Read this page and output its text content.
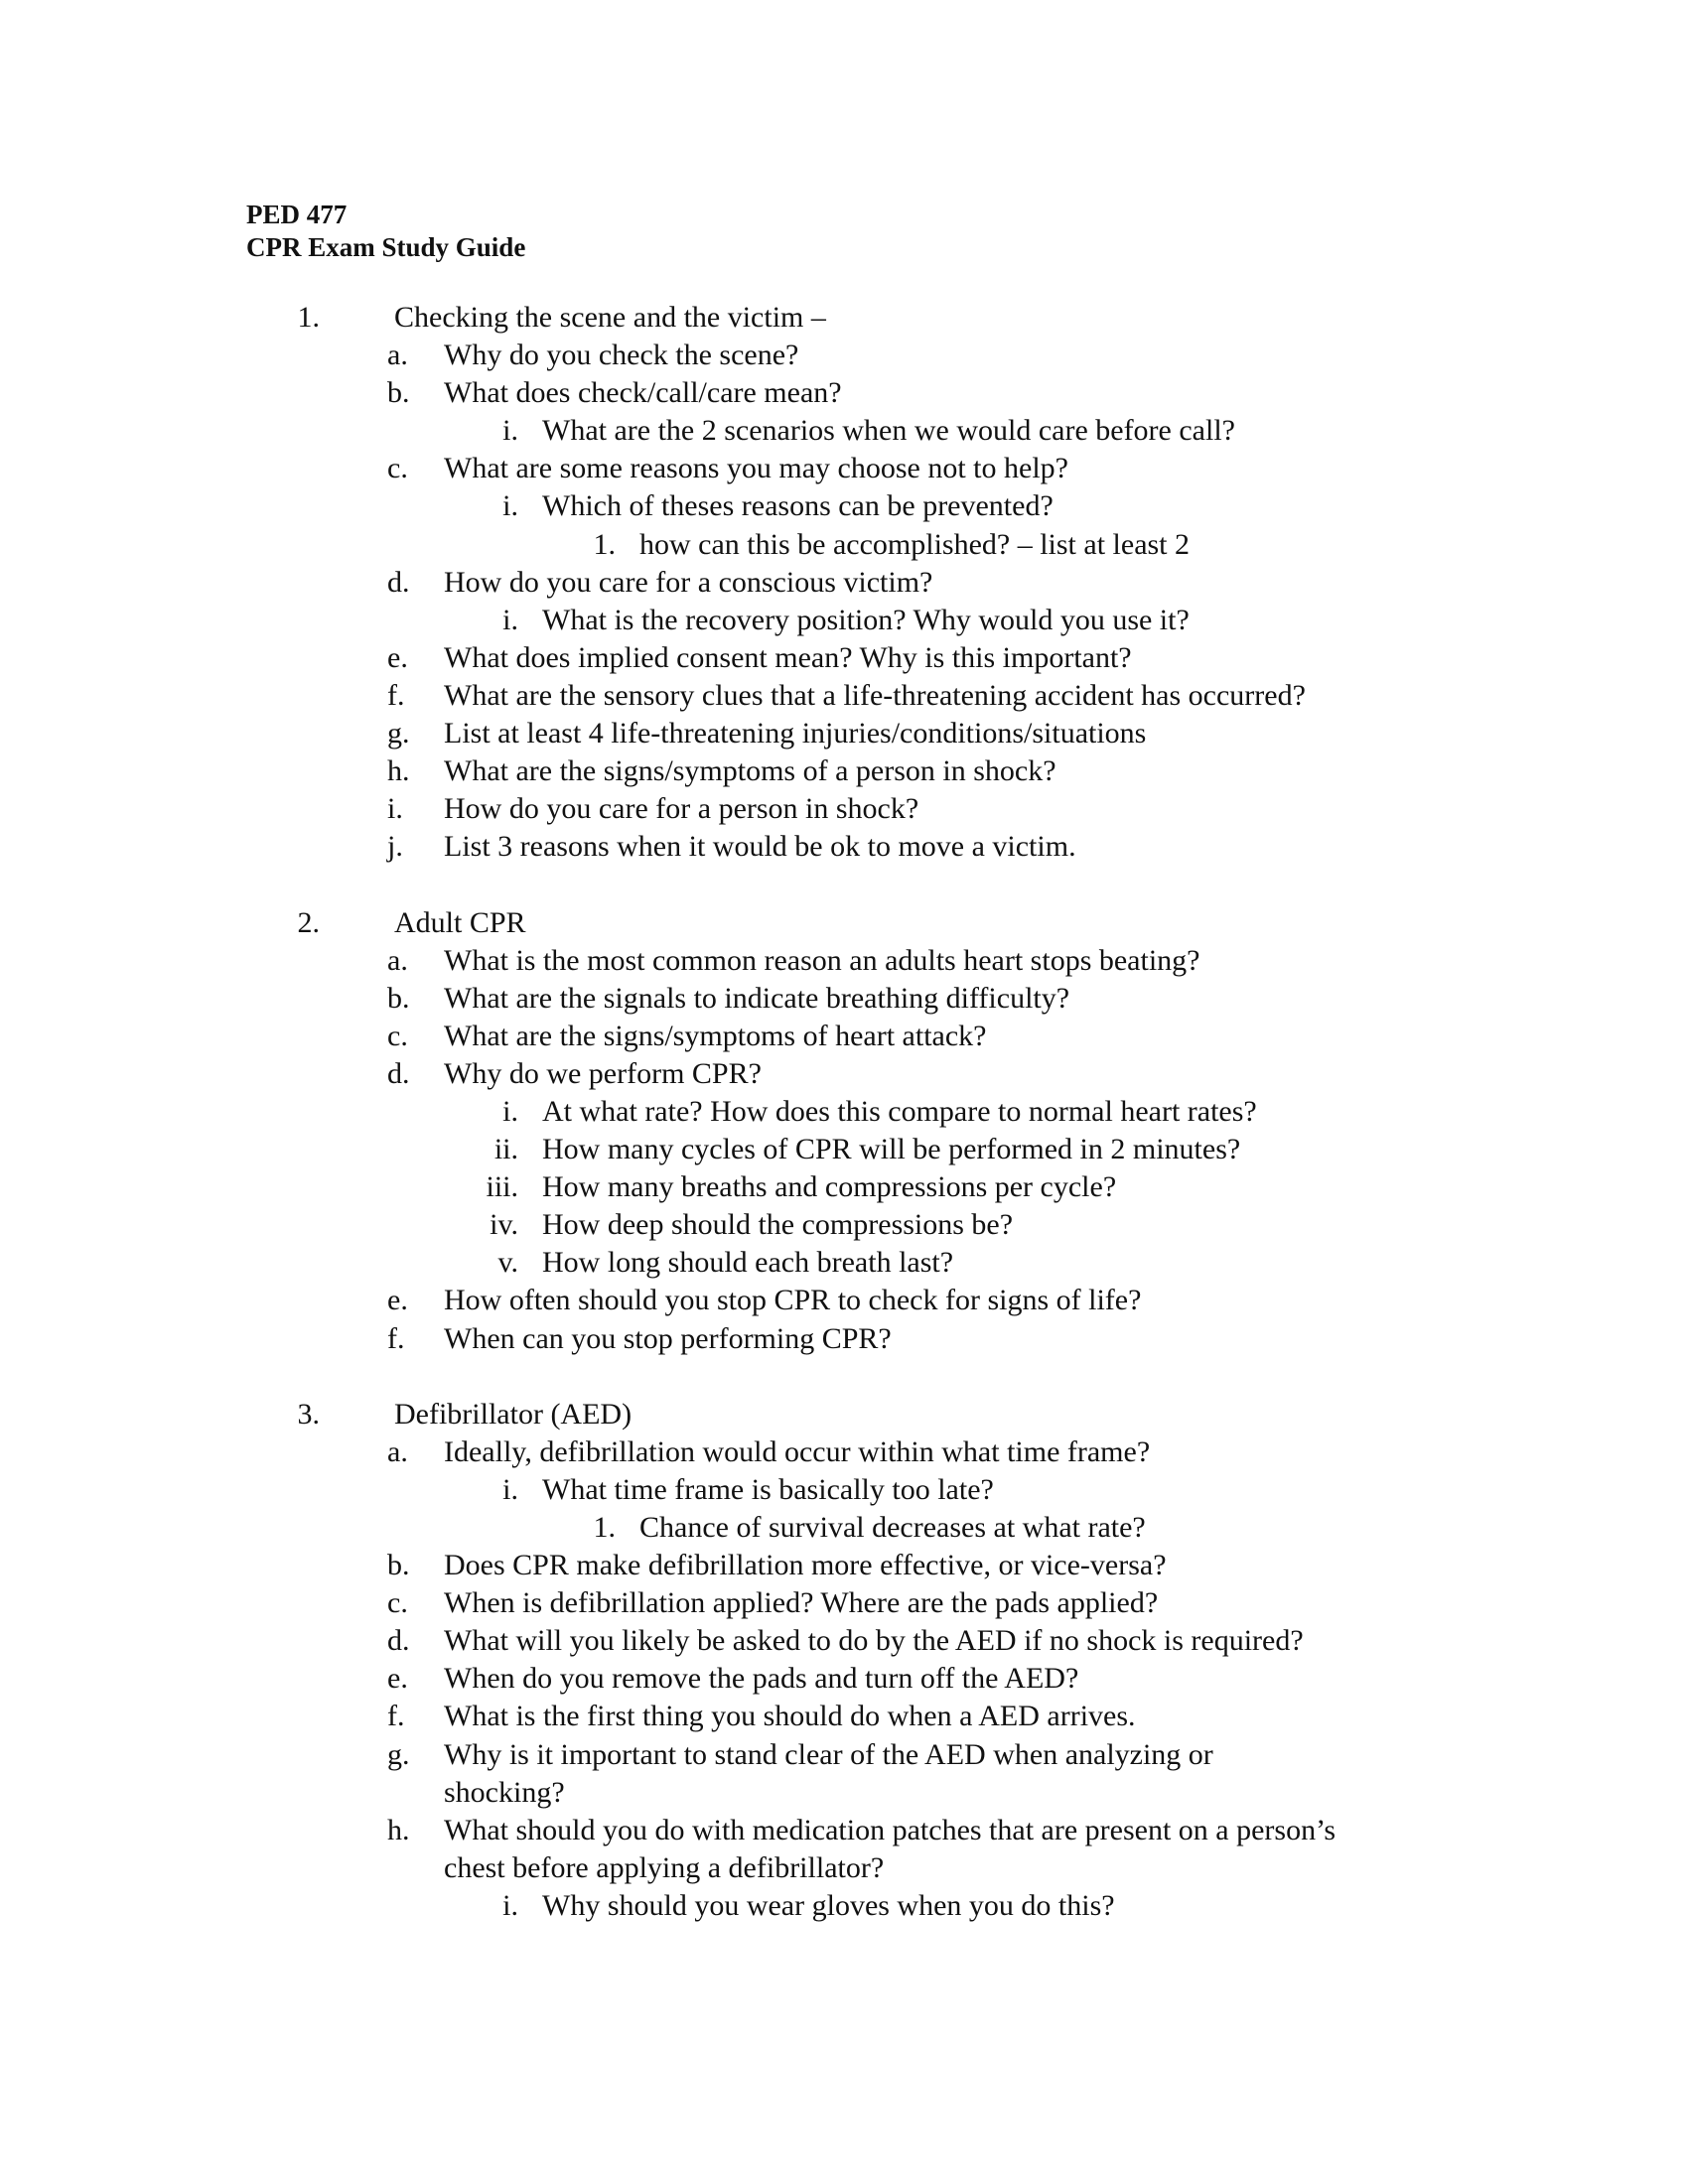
PED 477
CPR Exam Study Guide
1.	Checking the scene and the victim –
a.	Why do you check the scene?
b.	What does check/call/care mean?
i. What are the 2 scenarios when we would care before call?
c.	What are some reasons you may choose not to help?
i. Which of theses reasons can be prevented?
1. how can this be accomplished? – list at least 2
d.	How do you care for a conscious victim?
i. What is the recovery position? Why would you use it?
e.	What does implied consent mean? Why is this important?
f.	What are the sensory clues that a life-threatening accident has occurred?
g.	List at least 4 life-threatening injuries/conditions/situations
h.	What are the signs/symptoms of a person in shock?
i.	How do you care for a person in shock?
j.	List 3 reasons when it would be ok to move a victim.
2.	Adult CPR
a.	What is the most common reason an adults heart stops beating?
b.	What are the signals to indicate breathing difficulty?
c.	What are the signs/symptoms of heart attack?
d.	Why do we perform CPR?
i. At what rate? How does this compare to normal heart rates?
ii. How many cycles of CPR will be performed in 2 minutes?
iii. How many breaths and compressions per cycle?
iv. How deep should the compressions be?
v. How long should each breath last?
e.	How often should you stop CPR to check for signs of life?
f.	When can you stop performing CPR?
3.	Defibrillator (AED)
a.	Ideally, defibrillation would occur within what time frame?
i. What time frame is basically too late?
1. Chance of survival decreases at what rate?
b.	Does CPR make defibrillation more effective, or vice-versa?
c.	When is defibrillation applied? Where are the pads applied?
d.	What will you likely be asked to do by the AED if no shock is required?
e.	When do you remove the pads and turn off the AED?
f.	What is the first thing you should do when a AED arrives.
g.	Why is it important to stand clear of the AED when analyzing or
shocking?
h.	What should you do with medication patches that are present on a person’s
chest before applying a defibrillator?
i. Why should you wear gloves when you do this?
